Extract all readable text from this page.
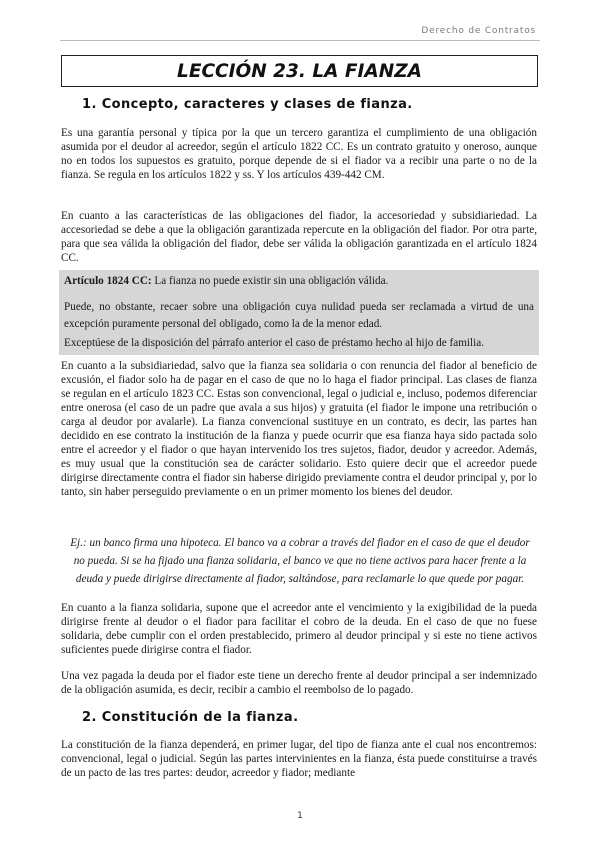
Derecho de Contratos
LECCIÓN 23. LA FIANZA
1. Concepto, caracteres y clases de fianza.

Es una garantía personal y típica por la que un tercero garantiza el cumplimiento de una obligación asumida por el deudor al acreedor, según el artículo 1822 CC. Es un contrato gratuito y oneroso, aunque no en todos los supuestos es gratuito, porque depende de si el fiador va a recibir una parte o no de la fianza. Se regula en los artículos 1822 y ss. Y los artículos 439-442 CM.

En cuanto a las características de las obligaciones del fiador, la accesoriedad y subsidiariedad. La accesoriedad se debe a que la obligación garantizada repercute en la obligación del fiador. Por otra parte, para que sea válida la obligación del fiador, debe ser válida la obligación garantizada en el artículo 1824 CC.

Artículo 1824 CC: La fianza no puede existir sin una obligación válida.

Puede, no obstante, recaer sobre una obligación cuya nulidad pueda ser reclamada a virtud de una excepción puramente personal del obligado, como la de la menor edad.

Exceptúese de la disposición del párrafo anterior el caso de préstamo hecho al hijo de familia.

En cuanto a la subsidiariedad, salvo que la fianza sea solidaria o con renuncia del fiador al beneficio de excusión, el fiador solo ha de pagar en el caso de que no lo haga el fiador principal. Las clases de fianza se regulan en el artículo 1823 CC. Estas son convencional, legal o judicial e, incluso, podemos diferenciar entre onerosa (el caso de un padre que avala a sus hijos) y gratuita (el fiador le impone una retribución o carga al deudor por avalarle). La fianza convencional sustituye en un contrato, es decir, las partes han decidido en ese contrato la institución de la fianza y puede ocurrir que esa fianza haya sido pactada solo entre el acreedor y el fiador o que hayan intervenido los tres sujetos, fiador, deudor y acreedor. Además, es muy usual que la constitución sea de carácter solidario. Esto quiere decir que el acreedor puede dirigirse directamente contra el fiador sin haberse dirigido previamente contra el deudor principal y, por lo tanto, sin haber perseguido previamente o en un primer momento los bienes del deudor.

Ej.: un banco firma una hipoteca. El banco va a cobrar a través del fiador en el caso de que el deudor no pueda. Si se ha fijado una fianza solidaria, el banco ve que no tiene activos para hacer frente a la deuda y puede dirigirse directamente al fiador, saltándose, para reclamarle lo que quede por pagar.

En cuanto a la fianza solidaria, supone que el acreedor ante el vencimiento y la exigibilidad de la pueda dirigirse frente al deudor o el fiador para facilitar el cobro de la deuda. En el caso de que no fuese solidaria, debe cumplir con el orden prestablecido, primero al deudor principal y si este no tiene activos suficientes puede dirigirse contra el fiador.

Una vez pagada la deuda por el fiador este tiene un derecho frente al deudor principal a ser indemnizado de la obligación asumida, es decir, recibir a cambio el reembolso de lo pagado.

2. Constitución de la fianza.

La constitución de la fianza dependerá, en primer lugar, del tipo de fianza ante el cual nos encontremos: convencional, legal o judicial. Según las partes intervinientes en la fianza, ésta puede constituirse a través de un pacto de las tres partes: deudor, acreedor y fiador; mediante

1
